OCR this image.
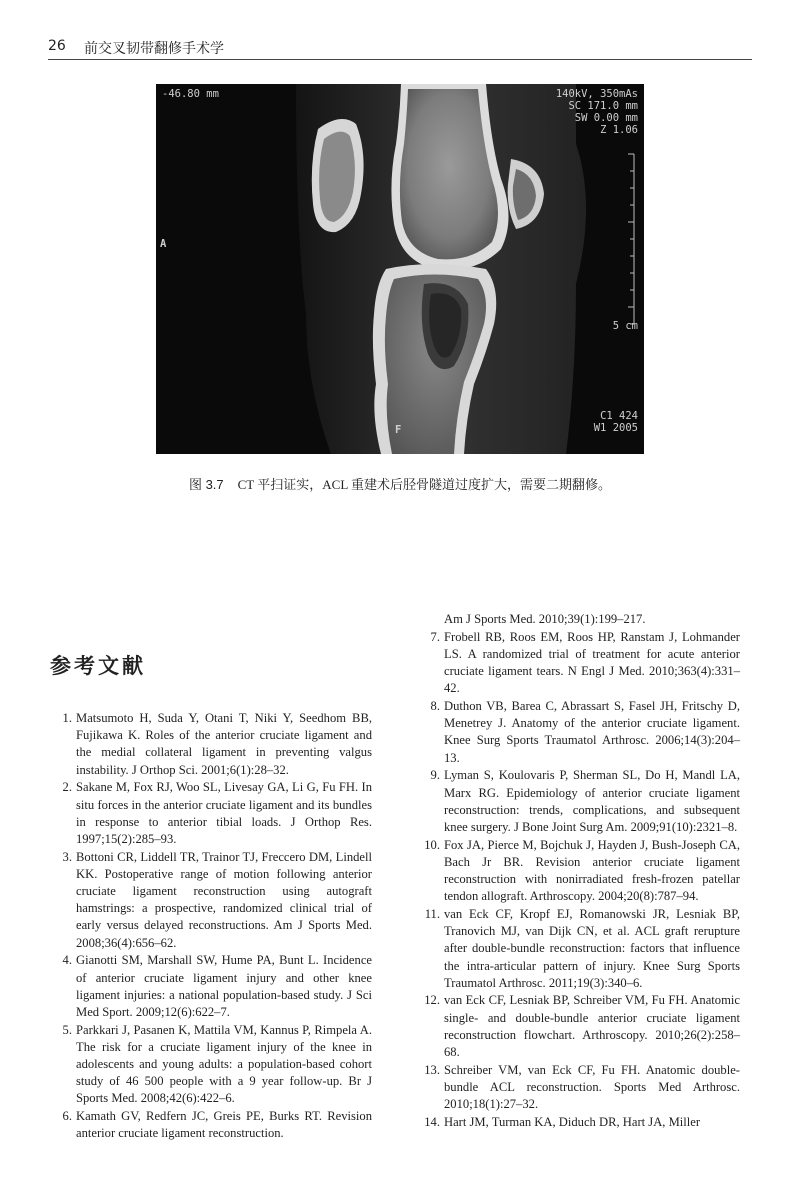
26 前交叉韧带翻修手术学
-46.80 mm	140kV, 350mAs
SC 171.0 mm
SW 0.00 mm
Z 1.06
A
5 cm
F
C1 424
W1 2005
图 3.7 CT 平扫证实，ACL 重建术后胫骨隧道过度扩大，需要二期翻修。
参考文献
1. Matsumoto H, Suda Y, Otani T, Niki Y, Seedhom BB, Fujikawa K. Roles of the anterior cruciate ligament and the medial collateral ligament in preventing valgus instability. J Orthop Sci. 2001;6(1):28–32.
2. Sakane M, Fox RJ, Woo SL, Livesay GA, Li G, Fu FH. In situ forces in the anterior cruciate ligament and its bundles in response to anterior tibial loads. J Orthop Res. 1997;15(2):285–93.
3. Bottoni CR, Liddell TR, Trainor TJ, Freccero DM, Lindell KK. Postoperative range of motion following anterior cruciate ligament reconstruction using autograft hamstrings: a prospective, randomized clinical trial of early versus delayed reconstructions. Am J Sports Med. 2008;36(4):656–62.
4. Gianotti SM, Marshall SW, Hume PA, Bunt L. Incidence of anterior cruciate ligament injury and other knee ligament injuries: a national population-based study. J Sci Med Sport. 2009;12(6):622–7.
5. Parkkari J, Pasanen K, Mattila VM, Kannus P, Rimpela A. The risk for a cruciate ligament injury of the knee in adolescents and young adults: a population-based cohort study of 46 500 people with a 9 year follow-up. Br J Sports Med. 2008;42(6):422–6.
6. Kamath GV, Redfern JC, Greis PE, Burks RT. Revision anterior cruciate ligament reconstruction.
Am J Sports Med. 2010;39(1):199–217.
7. Frobell RB, Roos EM, Roos HP, Ranstam J, Lohmander LS. A randomized trial of treatment for acute anterior cruciate ligament tears. N Engl J Med. 2010;363(4):331–42.
8. Duthon VB, Barea C, Abrassart S, Fasel JH, Fritschy D, Menetrey J. Anatomy of the anterior cruciate ligament. Knee Surg Sports Traumatol Arthrosc. 2006;14(3):204–13.
9. Lyman S, Koulovaris P, Sherman SL, Do H, Mandl LA, Marx RG. Epidemiology of anterior cruciate ligament reconstruction: trends, complications, and subsequent knee surgery. J Bone Joint Surg Am. 2009;91(10):2321–8.
10. Fox JA, Pierce M, Bojchuk J, Hayden J, Bush-Joseph CA, Bach Jr BR. Revision anterior cruciate ligament reconstruction with nonirradiated fresh-frozen patellar tendon allograft. Arthroscopy. 2004;20(8):787–94.
11. van Eck CF, Kropf EJ, Romanowski JR, Lesniak BP, Tranovich MJ, van Dijk CN, et al. ACL graft rerupture after double-bundle reconstruction: factors that influence the intra-articular pattern of injury. Knee Surg Sports Traumatol Arthrosc. 2011;19(3):340–6.
12. van Eck CF, Lesniak BP, Schreiber VM, Fu FH. Anatomic single- and double-bundle anterior cruciate ligament reconstruction flowchart. Arthroscopy. 2010;26(2):258–68.
13. Schreiber VM, van Eck CF, Fu FH. Anatomic double-bundle ACL reconstruction. Sports Med Arthrosc. 2010;18(1):27–32.
14. Hart JM, Turman KA, Diduch DR, Hart JA, Miller
